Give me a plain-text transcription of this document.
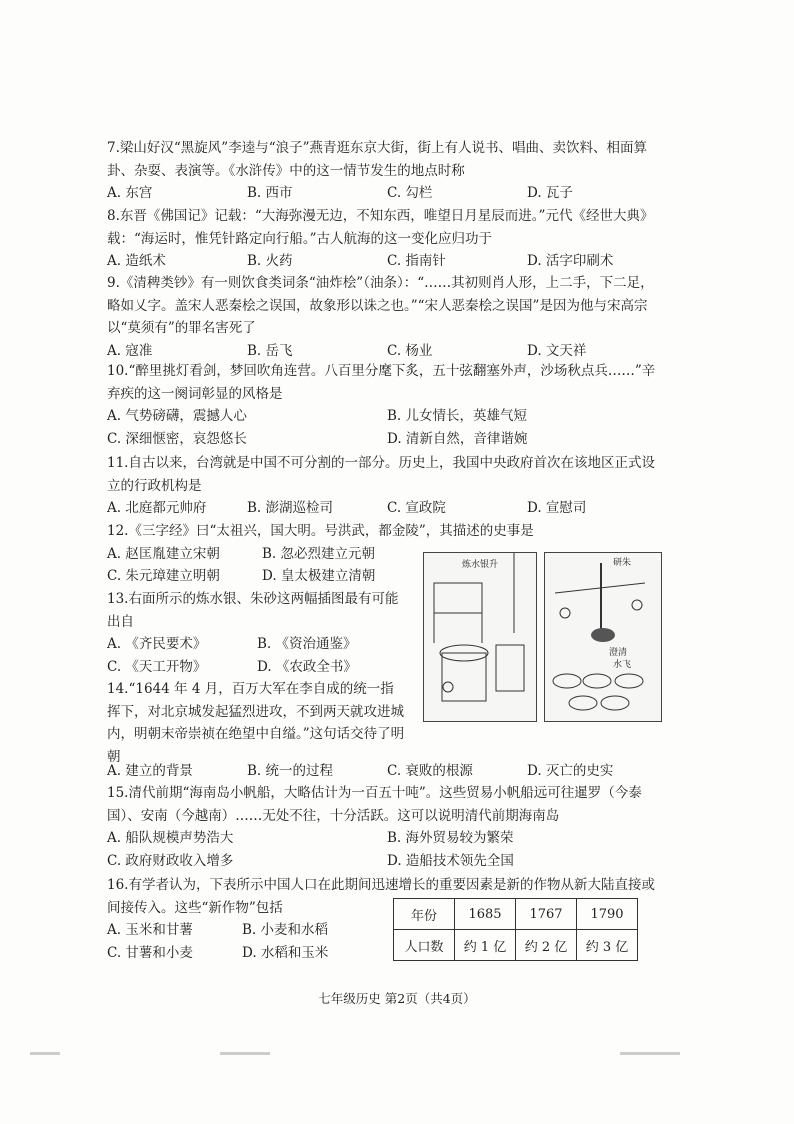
7.梁山好汉“黑旋风”李逵与“浪子”燕青逛东京大街，街上有人说书、唱曲、卖饮料、相面算卦、杂耍、表演等。《水浒传》中的这一情节发生的地点时称
A. 东宫	B. 西市	C. 勾栏	D. 瓦子
8.东晋《佛国记》记载：“大海弥漫无边，不知东西，唯望日月星辰而进。”元代《经世大典》载：“海运时，惟凭针路定向行船。”古人航海的这一变化应归功于
A. 造纸术	B. 火药	C. 指南针	D. 活字印刷术
9.《清稗类钞》有一则饮食类词条“油炸桧”（油条）：“……其初则肖人形，上二手，下二足，略如乂字。盖宋人恶秦桧之误国，故象形以诛之也。”“宋人恶秦桧之误国”是因为他与宋高宗以“莫须有”的罪名害死了
A. 寇准	B. 岳飞	C. 杨业	D. 文天祥
10.“醉里挑灯看剑，梦回吹角连营。八百里分麾下炙，五十弦翻塞外声，沙场秋点兵……”辛弃疾的这一阕词彰显的风格是
A. 气势磅礴，震撼人心	B. 儿女情长，英雄气短
C. 深细惬密，哀怨悠长	D. 清新自然，音律谐婉
11.自古以来，台湾就是中国不可分割的一部分。历史上，我国中央政府首次在该地区正式设立的行政机构是
A. 北庭都元帅府	B. 澎湖巡检司	C. 宣政院	D. 宣慰司
12.《三字经》曰“太祖兴，国大明。号洪武，都金陵”，其描述的史事是
A. 赵匡胤建立宋朝	B. 忽必烈建立元朝
C. 朱元璋建立明朝	D. 皇太极建立清朝
13.右面所示的炼水银、朱砂这两幅插图最有可能出自
A. 《齐民要术》	B. 《资治通鉴》
C. 《天工开物》	D. 《农政全书》
炼水银升	研朱
澄清
水飞
14.“1644 年 4 月，百万大军在李自成的统一指挥下，对北京城发起猛烈进攻，不到两天就攻进城内，明朝末帝崇祯在绝望中自缢。”这句话交待了明朝
A. 建立的背景	B. 统一的过程	C. 衰败的根源	D. 灭亡的史实
15.清代前期“海南岛小帆船，大略估计为一百五十吨”。这些贸易小帆船远可往暹罗（今泰国）、安南（今越南）……无处不往，十分活跃。这可以说明清代前期海南岛
A. 船队规模声势浩大	B. 海外贸易较为繁荣
C. 政府财政收入增多	D. 造船技术领先全国
16.有学者认为，下表所示中国人口在此期间迅速增长的重要因素是新的作物从新大陆直接或间接传入。这些“新作物”包括
A. 玉米和甘薯	B. 小麦和水稻
C. 甘薯和小麦	D. 水稻和玉米
年份	1685	1767	1790
人口数	约 1 亿	约 2 亿	约 3 亿
七年级历史 第2页（共4页）
